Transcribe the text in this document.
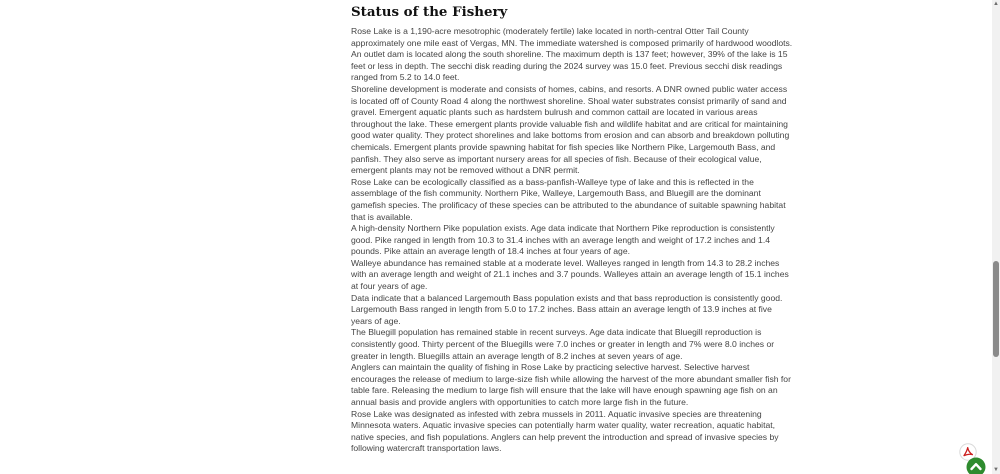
Status of the Fishery

Rose Lake is a 1,190-acre mesotrophic (moderately fertile) lake located in north-central Otter Tail County approximately one mile east of Vergas, MN. The immediate watershed is composed primarily of hardwood woodlots. An outlet dam is located along the south shoreline. The maximum depth is 137 feet; however, 39% of the lake is 15 feet or less in depth. The secchi disk reading during the 2024 survey was 15.0 feet. Previous secchi disk readings ranged from 5.2 to 14.0 feet.

Shoreline development is moderate and consists of homes, cabins, and resorts. A DNR owned public water access is located off of County Road 4 along the northwest shoreline. Shoal water substrates consist primarily of sand and gravel. Emergent aquatic plants such as hardstem bulrush and common cattail are located in various areas throughout the lake. These emergent plants provide valuable fish and wildlife habitat and are critical for maintaining good water quality. They protect shorelines and lake bottoms from erosion and can absorb and breakdown polluting chemicals. Emergent plants provide spawning habitat for fish species like Northern Pike, Largemouth Bass, and panfish. They also serve as important nursery areas for all species of fish. Because of their ecological value, emergent plants may not be removed without a DNR permit.

Rose Lake can be ecologically classified as a bass-panfish-Walleye type of lake and this is reflected in the assemblage of the fish community. Northern Pike, Walleye, Largemouth Bass, and Bluegill are the dominant gamefish species. The prolificacy of these species can be attributed to the abundance of suitable spawning habitat that is available.

A high-density Northern Pike population exists. Age data indicate that Northern Pike reproduction is consistently good. Pike ranged in length from 10.3 to 31.4 inches with an average length and weight of 17.2 inches and 1.4 pounds. Pike attain an average length of 18.4 inches at four years of age.

Walleye abundance has remained stable at a moderate level. Walleyes ranged in length from 14.3 to 28.2 inches with an average length and weight of 21.1 inches and 3.7 pounds. Walleyes attain an average length of 15.1 inches at four years of age.

Data indicate that a balanced Largemouth Bass population exists and that bass reproduction is consistently good. Largemouth Bass ranged in length from 5.0 to 17.2 inches. Bass attain an average length of 13.9 inches at five years of age.

The Bluegill population has remained stable in recent surveys. Age data indicate that Bluegill reproduction is consistently good. Thirty percent of the Bluegills were 7.0 inches or greater in length and 7% were 8.0 inches or greater in length. Bluegills attain an average length of 8.2 inches at seven years of age.

Anglers can maintain the quality of fishing in Rose Lake by practicing selective harvest. Selective harvest encourages the release of medium to large-size fish while allowing the harvest of the more abundant smaller fish for table fare. Releasing the medium to large fish will ensure that the lake will have enough spawning age fish on an annual basis and provide anglers with opportunities to catch more large fish in the future.

Rose Lake was designated as infested with zebra mussels in 2011. Aquatic invasive species are threatening Minnesota waters. Aquatic invasive species can potentially harm water quality, water recreation, aquatic habitat, native species, and fish populations. Anglers can help prevent the introduction and spread of invasive species by following watercraft transportation laws.

▲
▼
